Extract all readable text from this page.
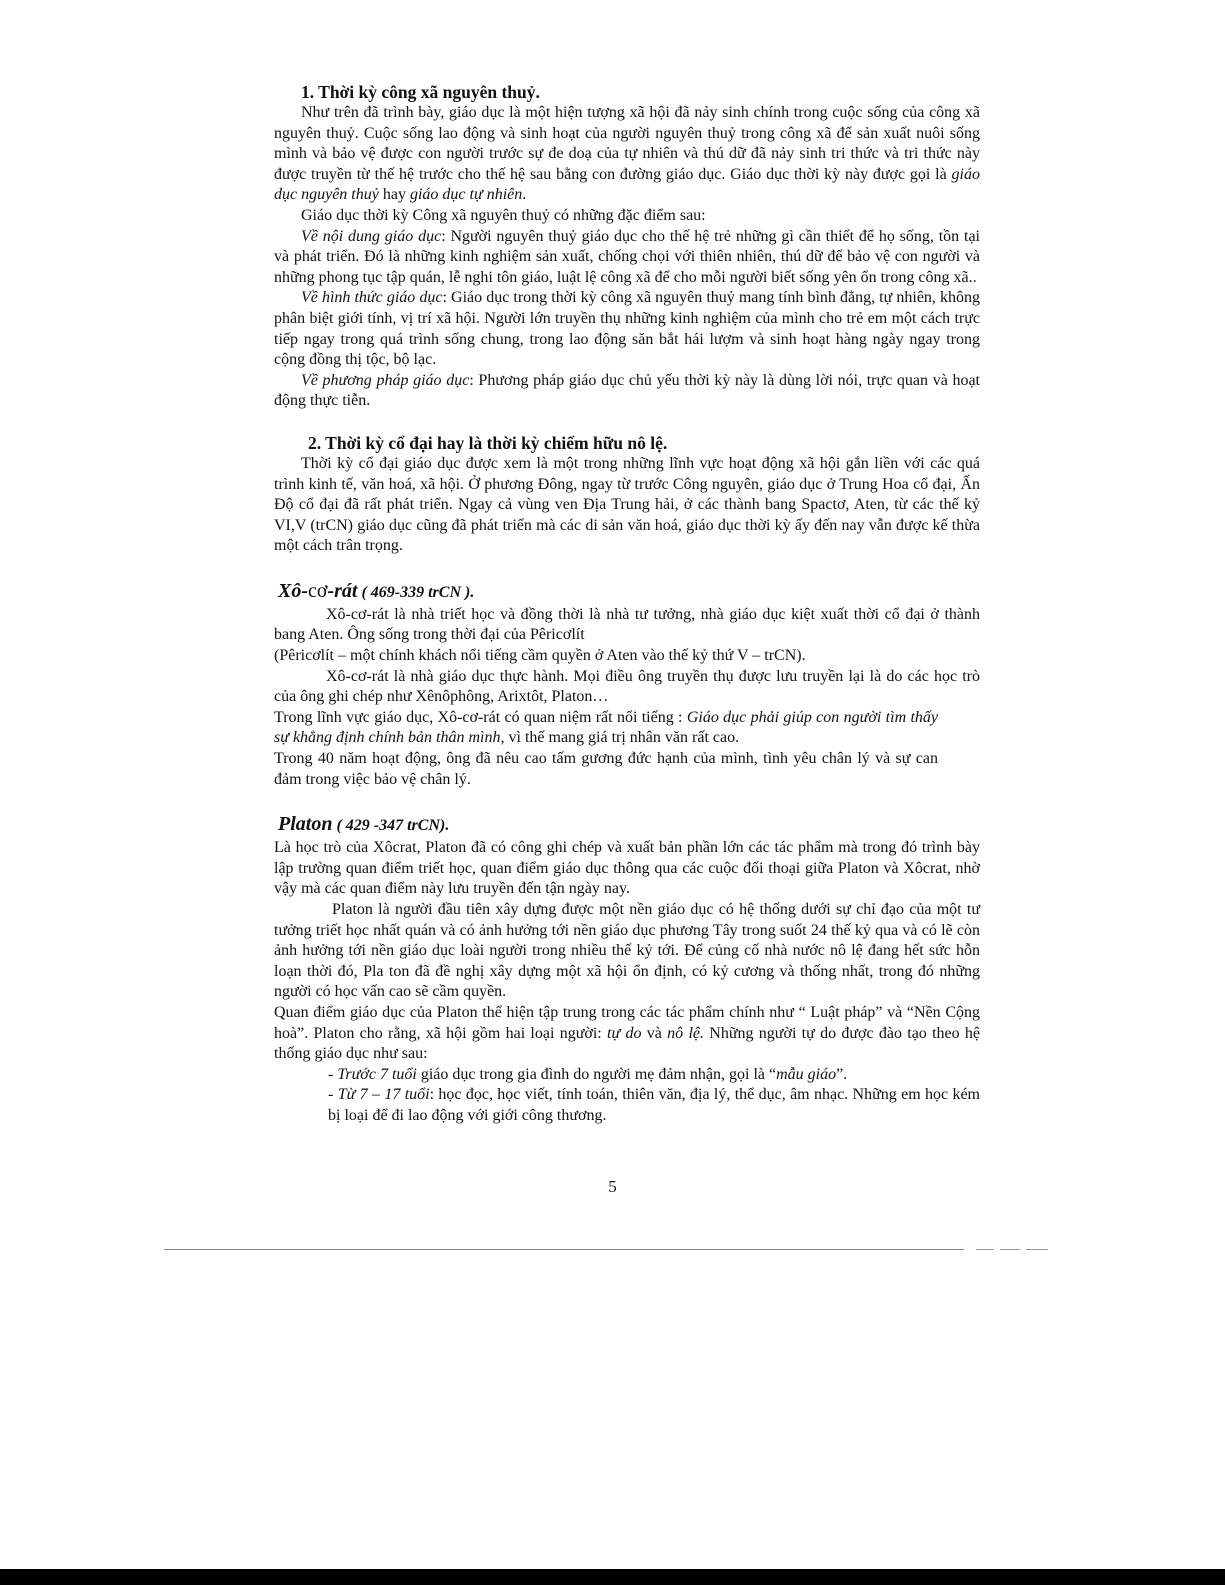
1. Thời kỳ công xã nguyên thuỷ.

Như trên đã trình bày, giáo dục là một hiện tượng xã hội đã nảy sinh chính trong cuộc sống của công xã nguyên thuỷ. Cuộc sống lao động và sinh hoạt của người nguyên thuỷ trong công xã để sản xuất nuôi sống mình và bảo vệ được con người trước sự đe doạ của tự nhiên và thú dữ đã nảy sinh tri thức và tri thức này được truyền từ thế hệ trước cho thế hệ sau bằng con đường giáo dục. Giáo dục thời kỳ này được gọi là giáo dục nguyên thuỷ hay giáo dục tự nhiên.

Giáo dục thời kỳ Công xã nguyên thuỷ có những đặc điểm sau:

Về nội dung giáo dục: Người nguyên thuỷ giáo dục cho thế hệ trẻ những gì cần thiết để họ sống, tồn tại và phát triển. Đó là những kinh nghiệm sản xuất, chống chọi với thiên nhiên, thú dữ để bảo vệ con người và những phong tục tập quán, lễ nghi tôn giáo, luật lệ công xã để cho mỗi người biết sống yên ổn trong công xã..

Về hình thức giáo dục: Giáo dục trong thời kỳ công xã nguyên thuỷ mang tính bình đẳng, tự nhiên, không phân biệt giới tính, vị trí xã hội. Người lớn truyền thụ những kinh nghiệm của mình cho trẻ em một cách trực tiếp ngay trong quá trình sống chung, trong lao động săn bắt hái lượm và sinh hoạt hàng ngày ngay trong cộng đồng thị tộc, bộ lạc.

Về phương pháp giáo dục: Phương pháp giáo dục chủ yếu thời kỳ này là dùng lời nói, trực quan và hoạt động thực tiễn.

2. Thời kỳ cổ đại hay là thời kỳ chiếm hữu nô lệ.

Thời kỳ cổ đại giáo dục được xem là một trong những lĩnh vực hoạt động xã hội gắn liền với các quá trình kinh tế, văn hoá, xã hội. Ở phương Đông, ngay từ trước Công nguyên, giáo dục ở Trung Hoa cổ đại, Ấn Độ cổ đại đã rất phát triển. Ngay cả vùng ven Địa Trung hải, ở các thành bang Spactơ, Aten, từ các thế kỷ VI,V (trCN) giáo dục cũng đã phát triển mà các di sản văn hoá, giáo dục thời kỳ ấy đến nay vẫn được kế thừa một cách trân trọng.

Xô-cơ-rát ( 469-339 trCN ).

Xô-cơ-rát là nhà triết học và đồng thời là nhà tư tưởng, nhà giáo dục kiệt xuất thời cổ đại ở thành bang Aten. Ông sống trong thời đại của Pêricơlít

(Pêricơlít – một chính khách nổi tiếng cầm quyền ở Aten vào thế kỷ thứ V – trCN).

Xô-cơ-rát là nhà giáo dục thực hành. Mọi điều ông truyền thụ được lưu truyền lại là do các học trò của ông ghi chép như Xênôphông, Arixtôt, Platon…

Trong lĩnh vực giáo dục, Xô-cơ-rát có quan niệm rất nổi tiếng : Giáo dục phải giúp con người tìm thấy sự khẳng định chính bản thân mình, vì thế mang giá trị nhân văn rất cao.

Trong 40 năm hoạt động, ông đã nêu cao tấm gương đức hạnh của mình, tình yêu chân lý và sự can đảm trong việc bảo vệ chân lý.

Platon ( 429 -347 trCN).

Là học trò của Xôcrat, Platon đã có công ghi chép và xuất bản phần lớn các tác phẩm mà trong đó trình bày lập trường quan điểm triết học, quan điểm giáo dục thông qua các cuộc đối thoại giữa Platon và Xôcrat, nhờ vậy mà các quan điểm này lưu truyền đến tận ngày nay.

Platon là người đầu tiên xây dựng được một nền giáo dục có hệ thống dưới sự chỉ đạo của một tư tưởng triết học nhất quán và có ảnh hưởng tới nền giáo dục phương Tây trong suốt 24 thế kỷ qua và có lẽ còn ảnh hưởng tới nền giáo dục loài người trong nhiều thế kỷ tới. Để củng cố nhà nước nô lệ đang hết sức hỗn loạn thời đó, Pla ton đã đề nghị xây dựng một xã hội ổn định, có kỷ cương và thống nhất, trong đó những người có học vấn cao sẽ cầm quyền.

Quan điểm giáo dục của Platon thể hiện tập trung trong các tác phẩm chính như “ Luật pháp” và “Nền Cộng hoà”. Platon cho rằng, xã hội gồm hai loại người: tự do và nô lệ. Những người tự do được đào tạo theo hệ thống giáo dục như sau:

- Trước 7 tuổi giáo dục trong gia đình do người mẹ đảm nhận, gọi là “mẫu giáo”.

- Từ 7 – 17 tuổi: học đọc, học viết, tính toán, thiên văn, địa lý, thể dục, âm nhạc. Những em học kém bị loại để đi lao động với giới công thương.

5
